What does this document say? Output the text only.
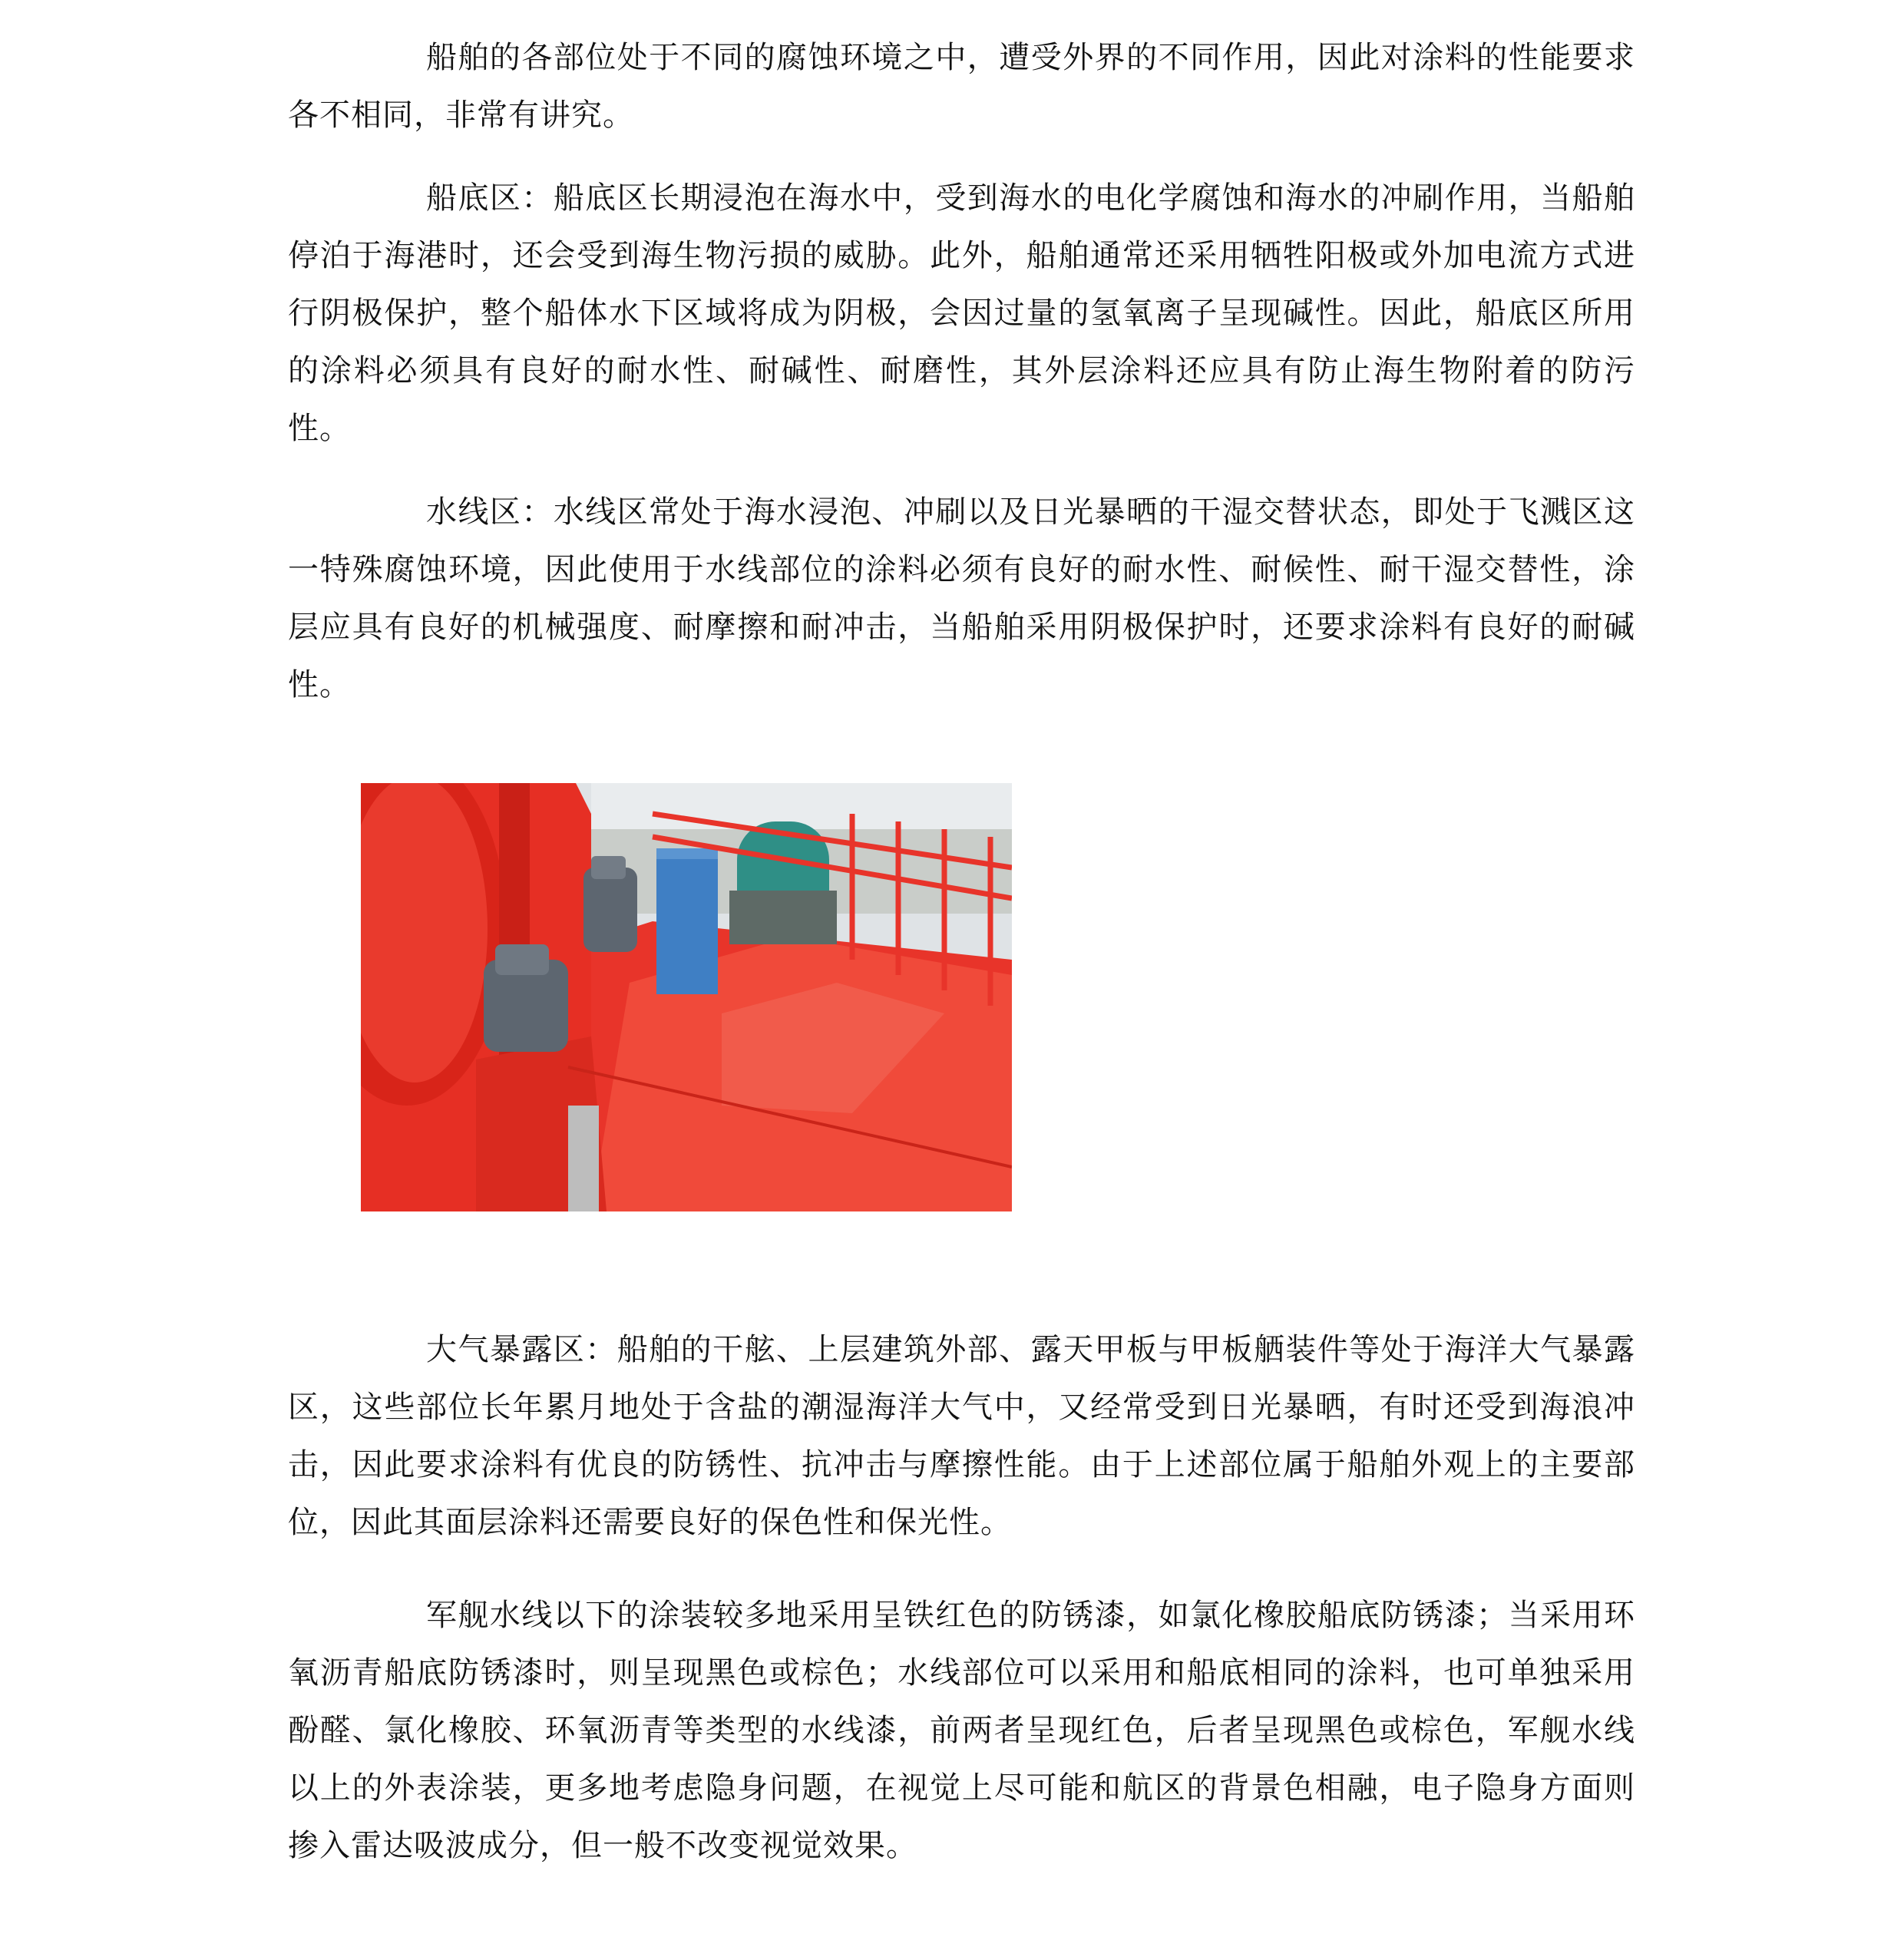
船舶的各部位处于不同的腐蚀环境之中，遭受外界的不同作用，因此对涂料的性能要求各不相同，非常有讲究。

船底区：船底区长期浸泡在海水中，受到海水的电化学腐蚀和海水的冲刷作用，当船舶停泊于海港时，还会受到海生物污损的威胁。此外，船舶通常还采用牺牲阳极或外加电流方式进行阴极保护，整个船体水下区域将成为阴极，会因过量的氢氧离子呈现碱性。因此，船底区所用的涂料必须具有良好的耐水性、耐碱性、耐磨性，其外层涂料还应具有防止海生物附着的防污性。

水线区：水线区常处于海水浸泡、冲刷以及日光暴晒的干湿交替状态，即处于飞溅区这一特殊腐蚀环境，因此使用于水线部位的涂料必须有良好的耐水性、耐候性、耐干湿交替性，涂层应具有良好的机械强度、耐摩擦和耐冲击，当船舶采用阴极保护时，还要求涂料有良好的耐碱性。

大气暴露区：船舶的干舷、上层建筑外部、露天甲板与甲板舾装件等处于海洋大气暴露区，这些部位长年累月地处于含盐的潮湿海洋大气中，又经常受到日光暴晒，有时还受到海浪冲击，因此要求涂料有优良的防锈性、抗冲击与摩擦性能。由于上述部位属于船舶外观上的主要部位，因此其面层涂料还需要良好的保色性和保光性。

军舰水线以下的涂装较多地采用呈铁红色的防锈漆，如氯化橡胶船底防锈漆；当采用环氧沥青船底防锈漆时，则呈现黑色或棕色；水线部位可以采用和船底相同的涂料，也可单独采用酚醛、氯化橡胶、环氧沥青等类型的水线漆，前两者呈现红色，后者呈现黑色或棕色，军舰水线以上的外表涂装，更多地考虑隐身问题，在视觉上尽可能和航区的背景色相融，电子隐身方面则掺入雷达吸波成分，但一般不改变视觉效果。
